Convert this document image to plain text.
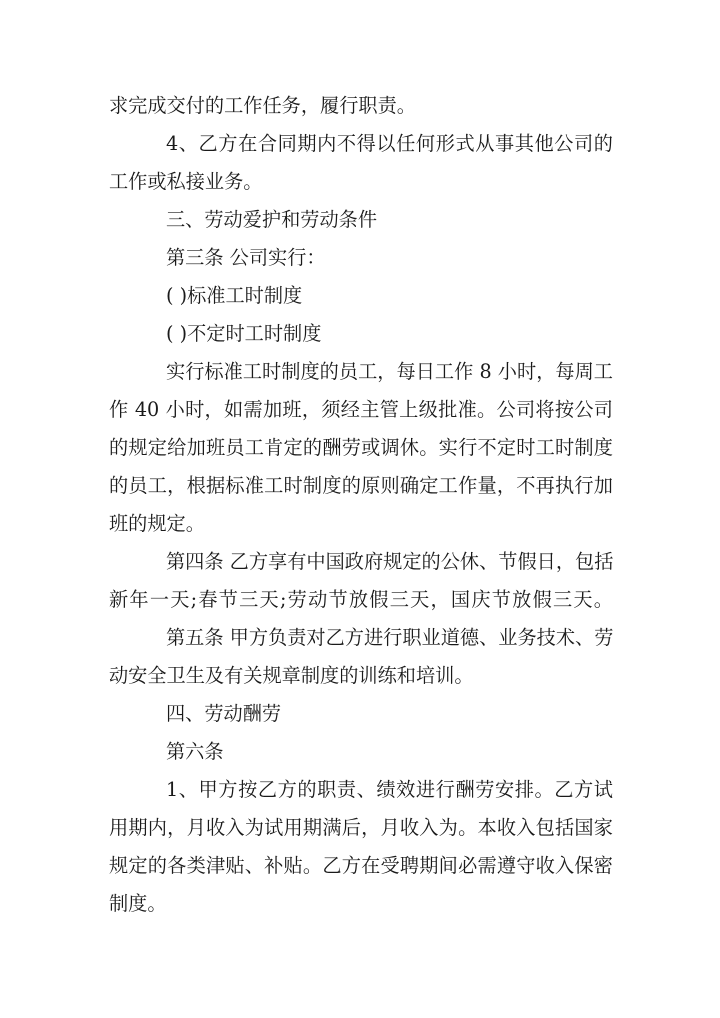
求完成交付的工作任务，履行职责。
4、乙方在合同期内不得以任何形式从事其他公司的
工作或私接业务。
三、劳动爱护和劳动条件
第三条 公司实行：
( )标准工时制度
( )不定时工时制度
实行标准工时制度的员工，每日工作 8 小时，每周工
作 40 小时，如需加班，须经主管上级批准。公司将按公司
的规定给加班员工肯定的酬劳或调休。实行不定时工时制度
的员工，根据标准工时制度的原则确定工作量，不再执行加
班的规定。
第四条 乙方享有中国政府规定的公休、节假日，包括
新年一天;春节三天;劳动节放假三天，国庆节放假三天。
第五条 甲方负责对乙方进行职业道德、业务技术、劳
动安全卫生及有关规章制度的训练和培训。
四、劳动酬劳
第六条
1、甲方按乙方的职责、绩效进行酬劳安排。乙方试
用期内，月收入为试用期满后，月收入为。本收入包括国家
规定的各类津贴、补贴。乙方在受聘期间必需遵守收入保密
制度。
